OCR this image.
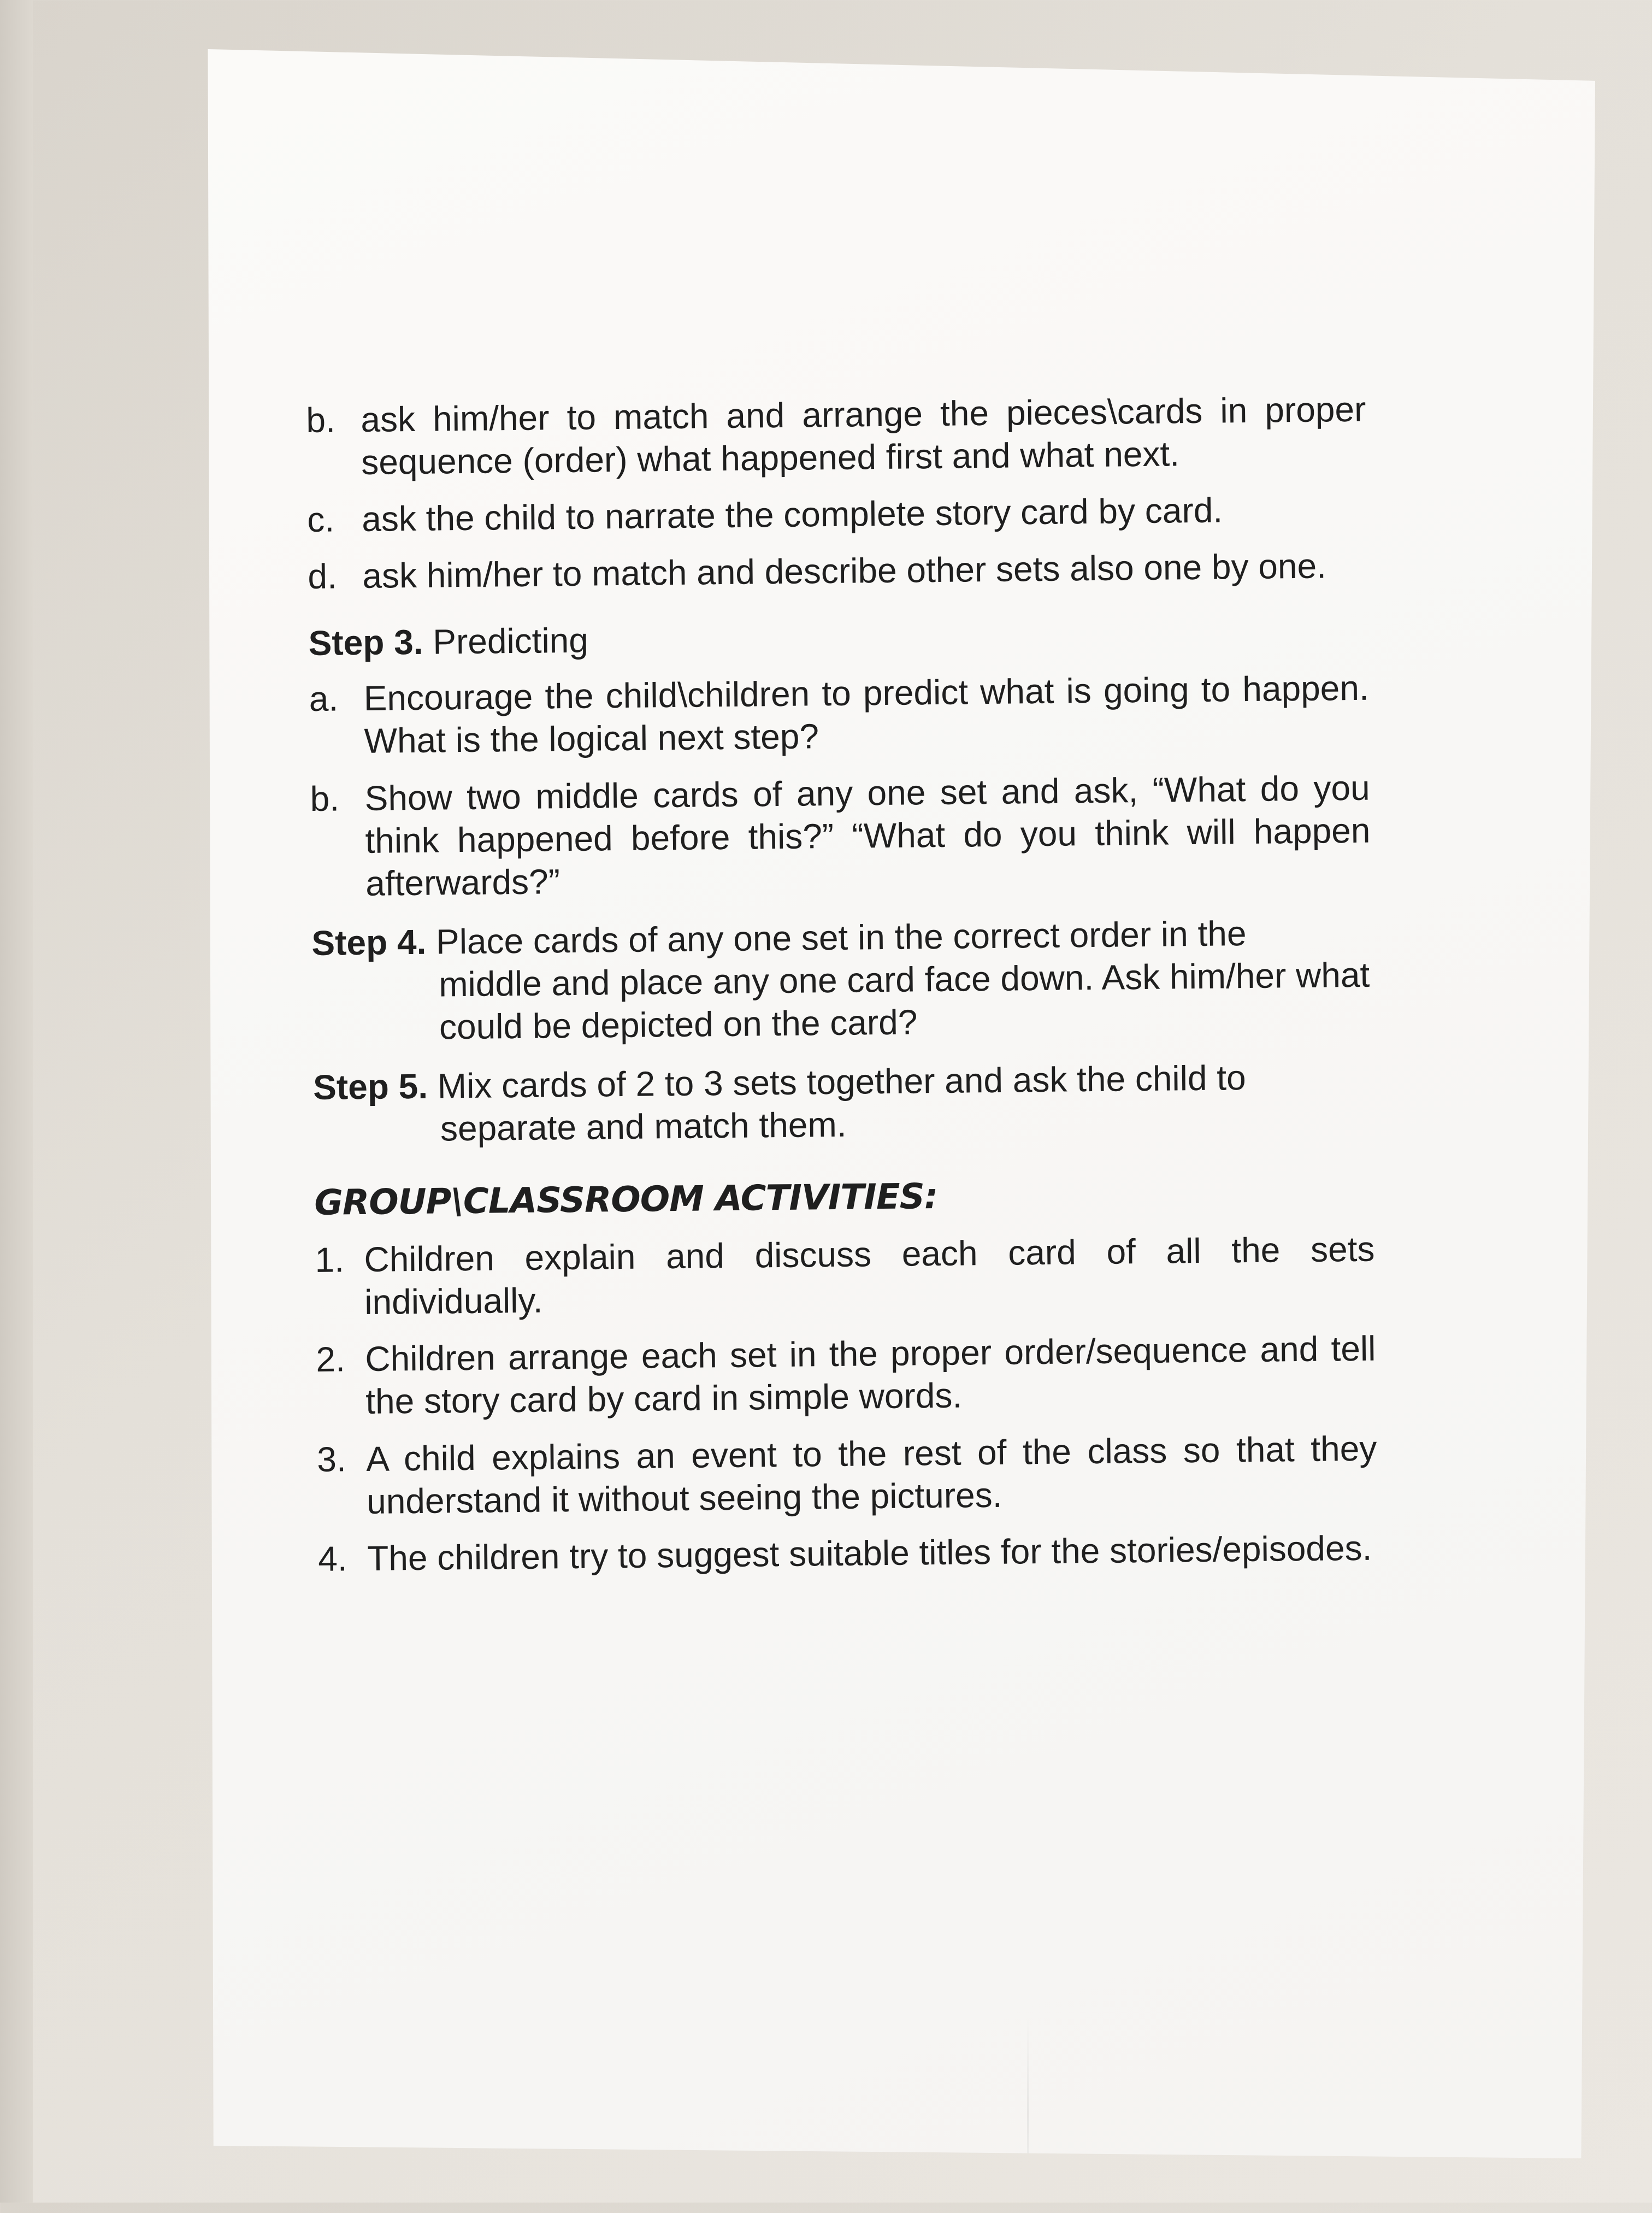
b. ask him/her to match and arrange the pieces\cards in proper sequence (order) what happened first and what next.
c. ask the child to narrate the complete story card by card.
d. ask him/her to match and describe other sets also one by one.
Step 3. Predicting
a. Encourage the child\children to predict what is going to happen. What is the logical next step?
b. Show two middle cards of any one set and ask, “What do you think happened before this?” “What do you think will happen afterwards?”
Step 4. Place cards of any one set in the correct order in the
middle and place any one card face down. Ask him/her what could be depicted on the card?
Step 5. Mix cards of 2 to 3 sets together and ask the child to
separate and match them.
GROUP\CLASSROOM ACTIVITIES:
1. Children explain and discuss each card of all the sets individually.
2. Children arrange each set in the proper order/sequence and tell the story card by card in simple words.
3. A child explains an event to the rest of the class so that they understand it without seeing the pictures.
4. The children try to suggest suitable titles for the stories/episodes.
